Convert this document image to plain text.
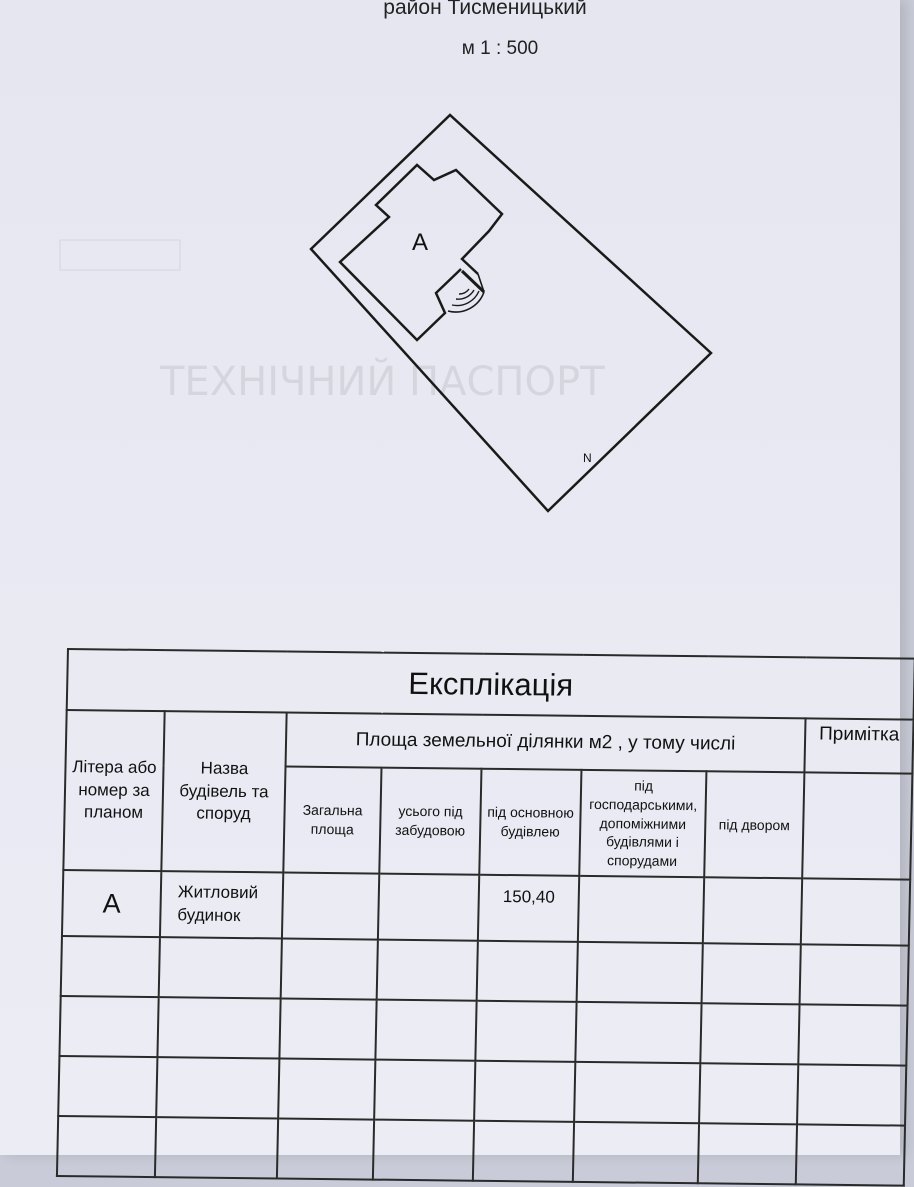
район Тисменицький
м 1 : 500
ТЕХНІЧНИЙ ПАСПОРТ
А
N
Експлікація							
Літера або номер за планом	Назва будівель та споруд	Площа земельної ділянки м2 , у тому числі					Примітка
		Загальна площа	усього під забудовою	під основною будівлею	під господарськими, допоміжними будівлями і спорудами	під двором	
А	Житловий будинок			150,40			
